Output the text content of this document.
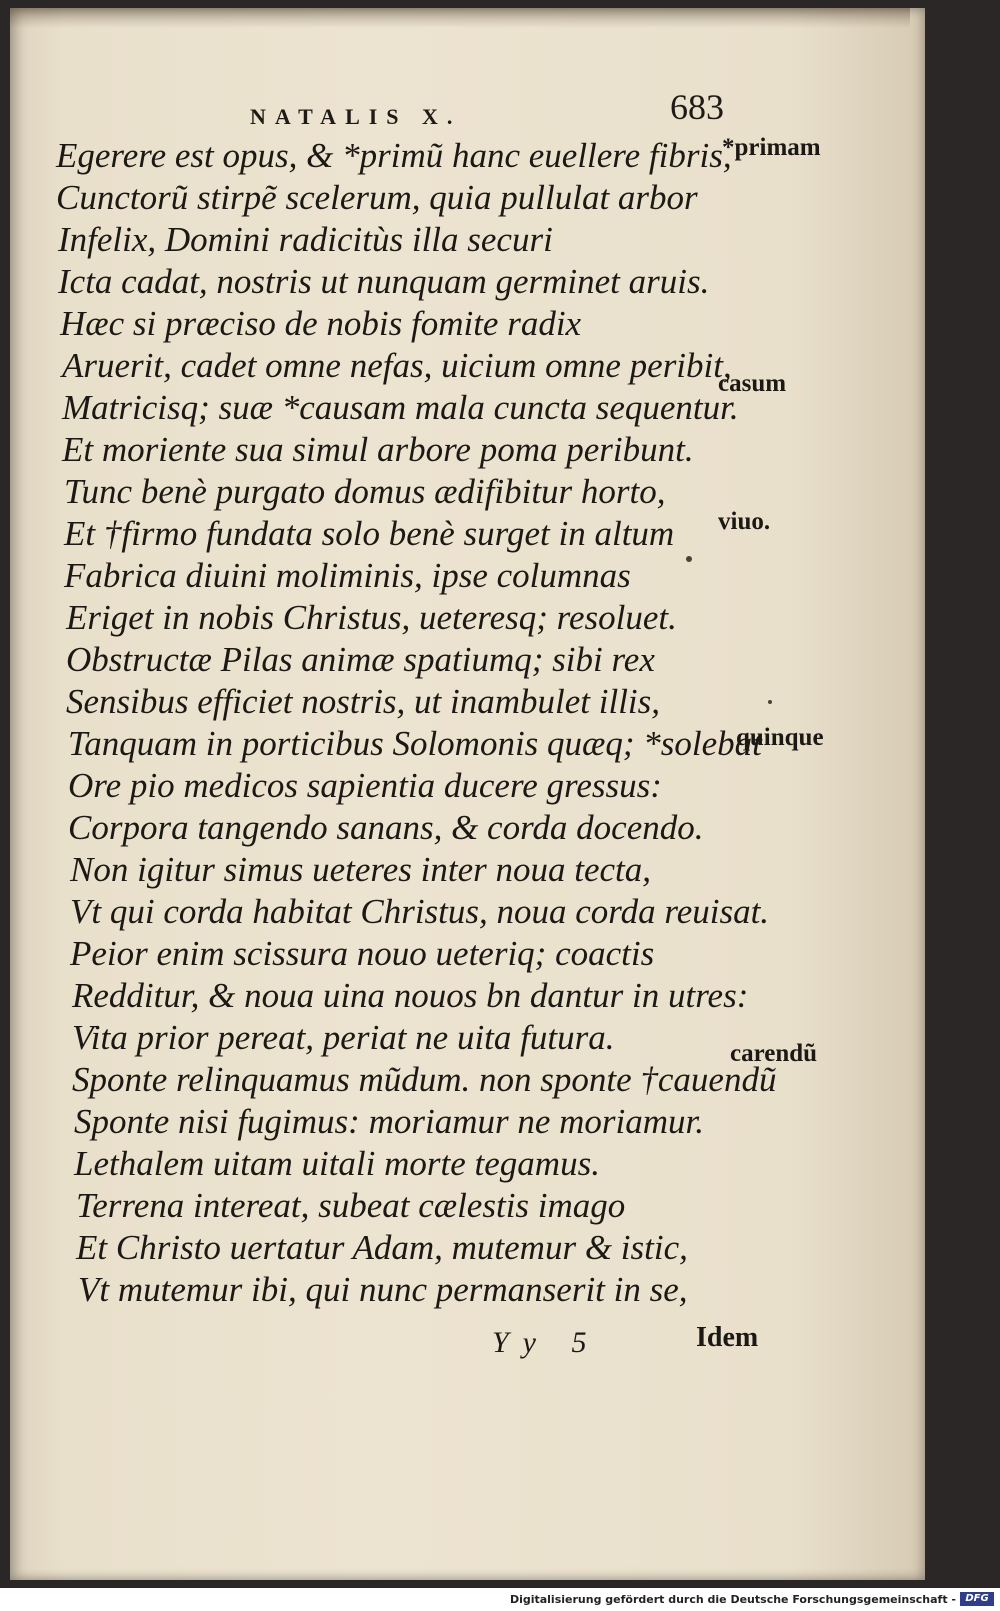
NATALIS X.	683
Egerere est opus, & *primũ hanc euellere fibris,
Cunctorũ stirpẽ scelerum, quia pullulat arbor
Infelix, Domini radicitùs illa securi
Icta cadat, nostris ut nunquam germinet aruis.
Hæc si præciso de nobis fomite radix
Aruerit, cadet omne nefas, uicium omne peribit,
Matricisq; suæ *causam mala cuncta sequentur.
Et moriente sua simul arbore poma peribunt.
Tunc benè purgato domus ædifibitur horto,
Et †firmo fundata solo benè surget in altum
Fabrica diuini moliminis, ipse columnas
Eriget in nobis Christus, ueteresq; resoluet.
Obstructæ Pilas animæ spatiumq; sibi rex
Sensibus efficiet nostris, ut inambulet illis,
Tanquam in porticibus Solomonis quæq; *solebat
Ore pio medicos sapientia ducere gressus:
Corpora tangendo sanans, & corda docendo.
Non igitur simus ueteres inter noua tecta,
Vt qui corda habitat Christus, noua corda reuisat.
Peior enim scissura nouo ueteriq; coactis
Redditur, & noua uina nouos bn dantur in utres:
Vita prior pereat, periat ne uita futura.
Sponte relinquamus mũdum. non sponte †cauendũ
Sponte nisi fugimus: moriamur ne moriamur.
Lethalem uitam uitali morte tegamus.
Terrena intereat, subeat cælestis imago
Et Christo uertatur Adam, mutemur & istic,
Vt mutemur ibi, qui nunc permanserit in se,
*primam
casum
viuo.
quinque
carendũ
Yy 5	Idem
Digitalisierung gefördert durch die Deutsche Forschungsgemeinschaft - DFG
